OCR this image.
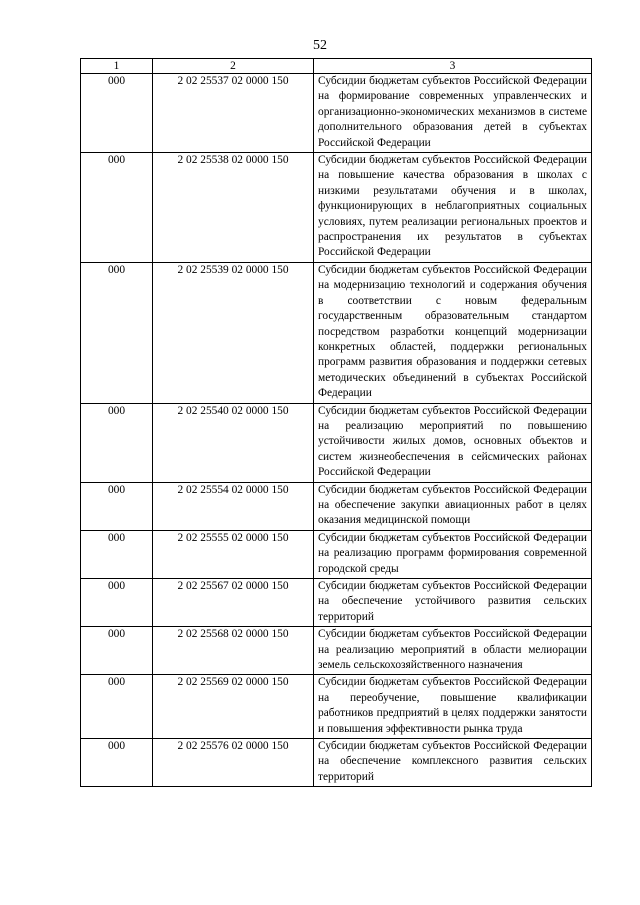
52
1	2	3
000	2 02 25537 02 0000 150	Субсидии бюджетам субъектов Российской Федерации на формирование современных управленческих и организационно-экономических механизмов в системе дополнительного образования детей в субъектах Российской Федерации
000	2 02 25538 02 0000 150	Субсидии бюджетам субъектов Российской Федерации на повышение качества образования в школах с низкими результатами обучения и в школах, функционирующих в неблагоприятных социальных условиях, путем реализации региональных проектов и распространения их результатов в субъектах Российской Федерации
000	2 02 25539 02 0000 150	Субсидии бюджетам субъектов Российской Федерации на модернизацию технологий и содержания обучения в соответствии с новым федеральным государственным образовательным стандартом посредством разработки концепций модернизации конкретных областей, поддержки региональных программ развития образования и поддержки сетевых методических объединений в субъектах Российской Федерации
000	2 02 25540 02 0000 150	Субсидии бюджетам субъектов Российской Федерации на реализацию мероприятий по повышению устойчивости жилых домов, основных объектов и систем жизнеобеспечения в сейсмических районах Российской Федерации
000	2 02 25554 02 0000 150	Субсидии бюджетам субъектов Российской Федерации на обеспечение закупки авиационных работ в целях оказания медицинской помощи
000	2 02 25555 02 0000 150	Субсидии бюджетам субъектов Российской Федерации на реализацию программ формирования современной городской среды
000	2 02 25567 02 0000 150	Субсидии бюджетам субъектов Российской Федерации на обеспечение устойчивого развития сельских территорий
000	2 02 25568 02 0000 150	Субсидии бюджетам субъектов Российской Федерации на реализацию мероприятий в области мелиорации земель сельскохозяйственного назначения
000	2 02 25569 02 0000 150	Субсидии бюджетам субъектов Российской Федерации на переобучение, повышение квалификации работников предприятий в целях поддержки занятости и повышения эффективности рынка труда
000	2 02 25576 02 0000 150	Субсидии бюджетам субъектов Российской Федерации на обеспечение комплексного развития сельских территорий
